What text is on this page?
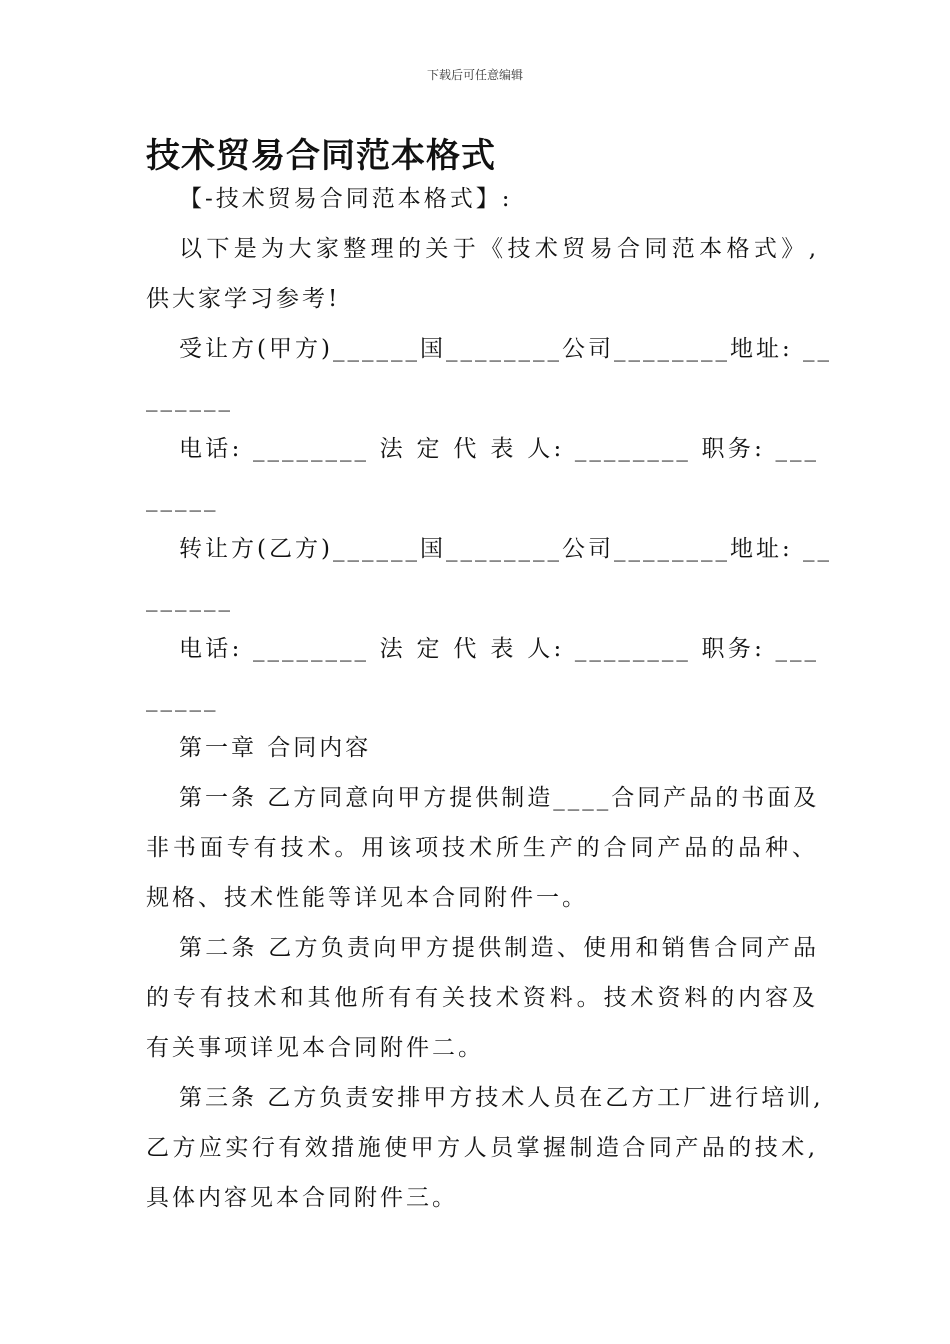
下载后可任意编辑
技术贸易合同范本格式
【-技术贸易合同范本格式】:
以下是为大家整理的关于《技术贸易合同范本格式》,
供大家学习参考!
受让方(甲方)______国________公司________地址: __
______
电话: ________ 法 定 代 表 人: ________ 职务: ___
_____
转让方(乙方)______国________公司________地址: __
______
电话: ________ 法 定 代 表 人: ________ 职务: ___
_____
第一章 合同内容
第一条 乙方同意向甲方提供制造____合同产品的书面及
非书面专有技术。用该项技术所生产的合同产品的品种、
规格、技术性能等详见本合同附件一。
第二条 乙方负责向甲方提供制造、使用和销售合同产品
的专有技术和其他所有有关技术资料。技术资料的内容及
有关事项详见本合同附件二。
第三条 乙方负责安排甲方技术人员在乙方工厂进行培训,
乙方应实行有效措施使甲方人员掌握制造合同产品的技术,
具体内容见本合同附件三。
